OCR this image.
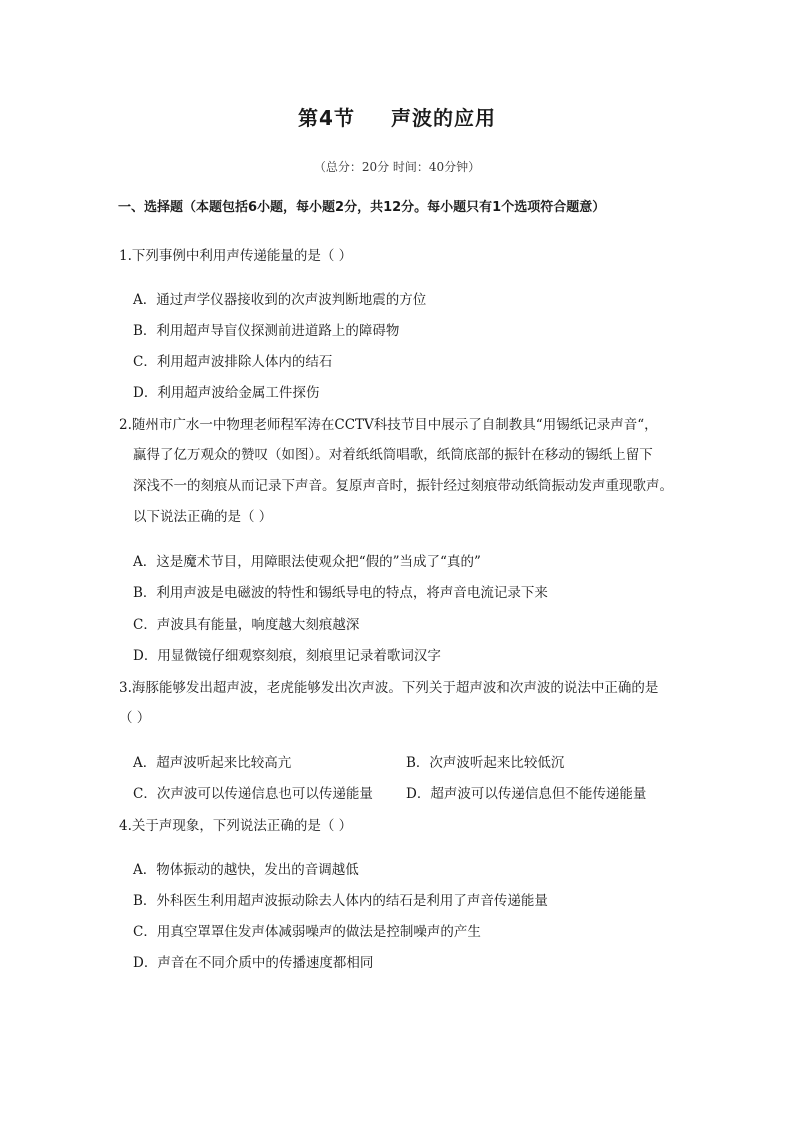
第4节 声波的应用
（总分：20分 时间：40分钟）
一、选择题（本题包括6小题，每小题2分，共12分。每小题只有1个选项符合题意）
1.下列事例中利用声传递能量的是（ ）
A．通过声学仪器接收到的次声波判断地震的方位
B．利用超声导盲仪探测前进道路上的障碍物
C．利用超声波排除人体内的结石
D．利用超声波给金属工件探伤
2.随州市广水一中物理老师程军涛在CCTV科技节目中展示了自制教具“用锡纸记录声音“，
赢得了亿万观众的赞叹（如图）。对着纸纸筒唱歌，纸筒底部的振针在移动的锡纸上留下
深浅不一的刻痕从而记录下声音。复原声音时，振针经过刻痕带动纸筒振动发声重现歌声。
以下说法正确的是（ ）
A．这是魔术节目，用障眼法使观众把“假的”当成了“真的”
B．利用声波是电磁波的特性和锡纸导电的特点，将声音电流记录下来
C．声波具有能量，响度越大刻痕越深
D．用显微镜仔细观察刻痕，刻痕里记录着歌词汉字
3.海豚能够发出超声波，老虎能够发出次声波。下列关于超声波和次声波的说法中正确的是
（ ）
A．超声波听起来比较高亢	B．次声波听起来比较低沉
C．次声波可以传递信息也可以传递能量 D．超声波可以传递信息但不能传递能量
4.关于声现象，下列说法正确的是（ ）
A．物体振动的越快，发出的音调越低
B．外科医生利用超声波振动除去人体内的结石是利用了声音传递能量
C．用真空罩罩住发声体减弱噪声的做法是控制噪声的产生
D．声音在不同介质中的传播速度都相同
